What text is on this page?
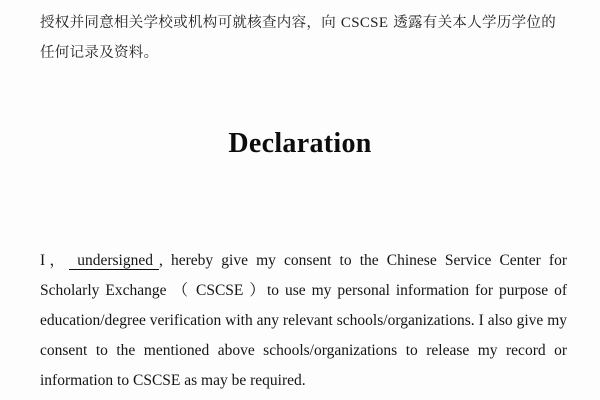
授权并同意相关学校或机构可就核查内容，向 CSCSE 透露有关本人学历学位的
任何记录及资料。
Declaration
I， undersigned , hereby give my consent to the Chinese Service Center for
Scholarly Exchange （ CSCSE ）to use my personal information for purpose of
education/degree verification with any relevant schools/organizations. I also give my
consent to the mentioned above schools/organizations to release my record or
information to CSCSE as may be required.
